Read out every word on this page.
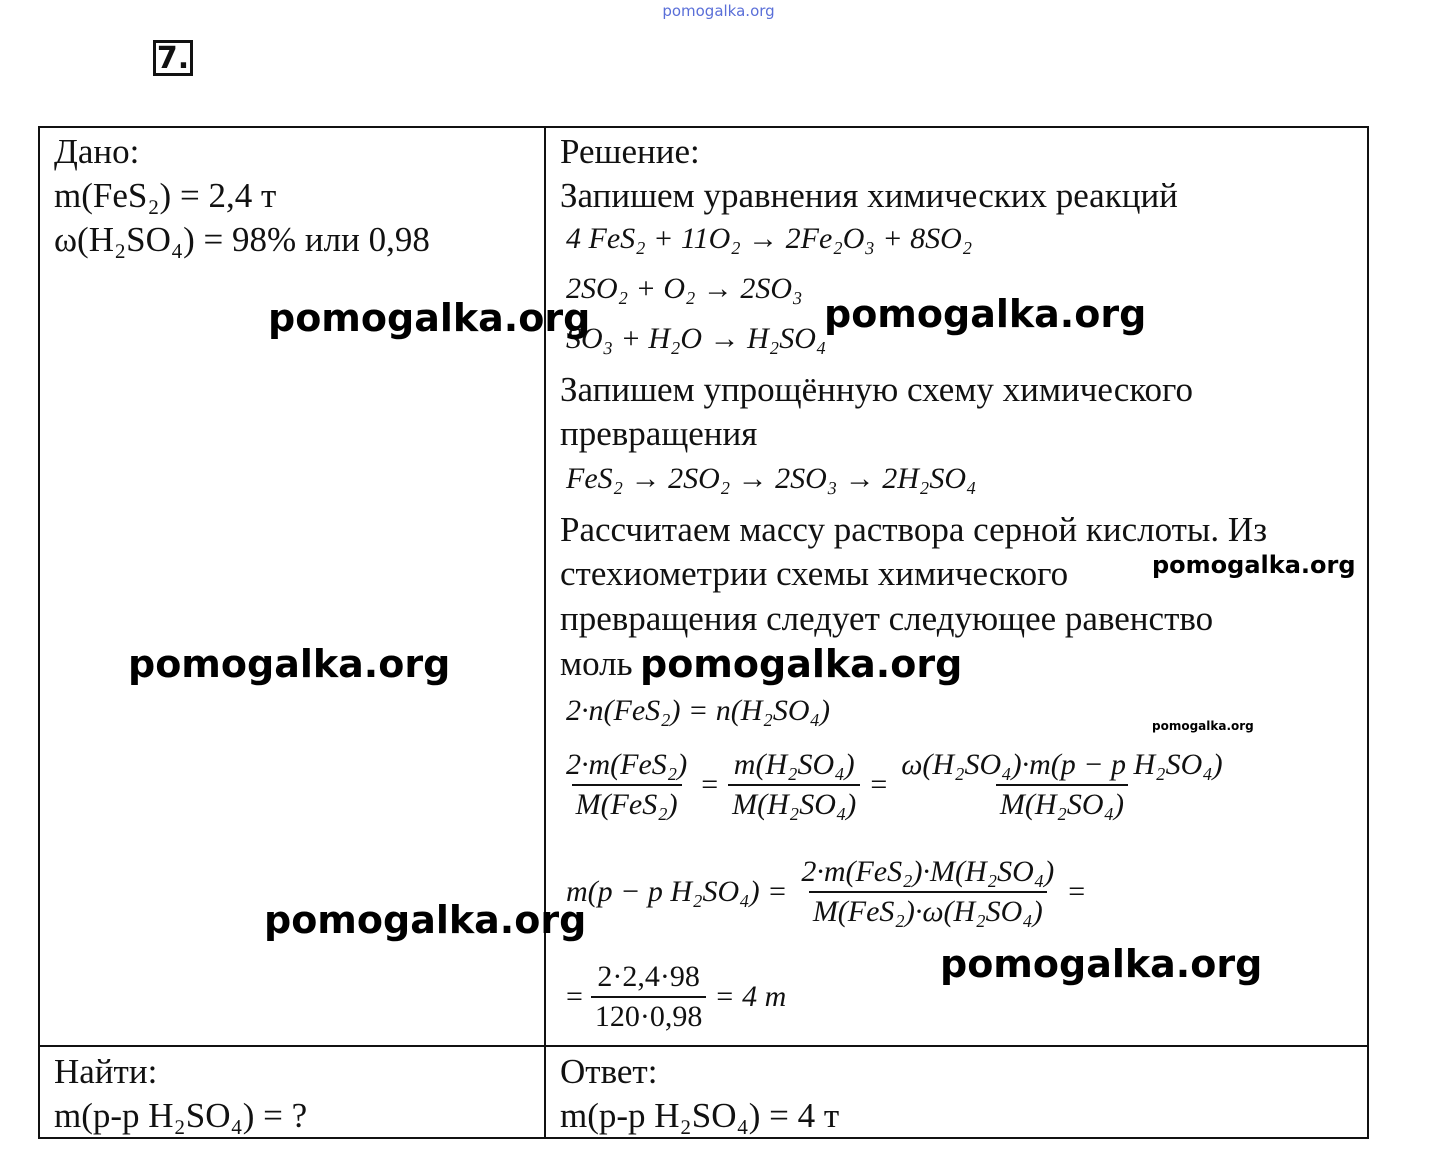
pomogalka.org
7.
Дано:
m(FeS₂) = 2,4 т
ω(H₂SO₄) = 98% или 0,98
Найти:
m(p-p H₂SO₄) = ?
Решение:
Запишем уравнения химических реакций
4 FeS₂ + 11O₂ → 2Fe₂O₃ + 8SO₂
2SO₂ + O₂ → 2SO₃
SO₃ + H₂O → H₂SO₄
Запишем упрощённую схему химического
превращения
FeS₂ → 2SO₂ → 2SO₃ → 2H₂SO₄
Рассчитаем массу раствора серной кислоты. Из
стехиометрии схемы химического
превращения следует следующее равенство
моль
2·n(FeS₂) = n(H₂SO₄)
$\frac{\text{2·m(FeS₂)}}{\text{M(FeS₂)}} = \frac{\text{m(H₂SO₄)}}{\text{M(H₂SO₄)}} = \frac{\text{ω(H₂SO₄)·m(p − p H₂SO₄)}}{\text{M(H₂SO₄)}}$
m(p − p $H_2SO_4) = \frac{\text{2·m(FeS₂)·M(H₂SO₄)}}{\text{M(FeS₂)·ω(H₂SO₄)}}$ =
= $\frac{2\cdot 2,4\cdot 98}{120\cdot 0,98} = 4$ m
Ответ:
m(p-p H₂SO₄) = 4 т
pomogalka.org	pomogalka.org
pomogalka.org
pomogalka.org	pomogalka.org
pomogalka.org
pomogalka.org
pomogalka.org
